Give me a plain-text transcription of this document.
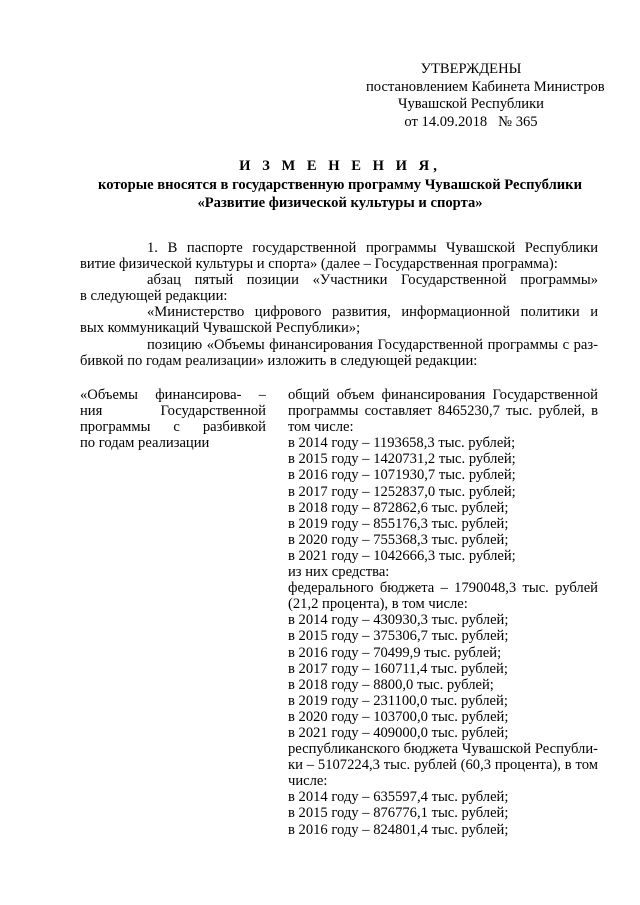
УТВЕРЖДЕНЫ
постановлением Кабинета Министров
Чувашской Республики
от 14.09.2018   № 365
И З М Е Н Е Н И Я,
которые вносятся в государственную программу Чувашской Республики
«Развитие физической культуры и спорта»
1. В паспорте государственной программы Чувашской Республики
витие физической культуры и спорта» (далее – Государственная программа):
абзац пятый позиции «Участники Государственной программы»
в следующей редакции:
«Министерство цифрового развития, информационной политики и
вых коммуникаций Чувашской Республики»;
позицию «Объемы финансирования Государственной программы с раз-
бивкой по годам реализации» изложить в следующей редакции:
«Объемы финансирова- –
ния Государственной
программы с разбивкой
по годам реализации
общий объем финансирования Государственной
программы составляет 8465230,7 тыс. рублей, в
том числе:
в 2014 году – 1193658,3 тыс. рублей;
в 2015 году – 1420731,2 тыс. рублей;
в 2016 году – 1071930,7 тыс. рублей;
в 2017 году – 1252837,0 тыс. рублей;
в 2018 году – 872862,6 тыс. рублей;
в 2019 году – 855176,3 тыс. рублей;
в 2020 году – 755368,3 тыс. рублей;
в 2021 году – 1042666,3 тыс. рублей;
из них средства:
федерального бюджета – 1790048,3 тыс. рублей
(21,2 процента), в том числе:
в 2014 году – 430930,3 тыс. рублей;
в 2015 году – 375306,7 тыс. рублей;
в 2016 году – 70499,9 тыс. рублей;
в 2017 году – 160711,4 тыс. рублей;
в 2018 году – 8800,0 тыс. рублей;
в 2019 году – 231100,0 тыс. рублей;
в 2020 году – 103700,0 тыс. рублей;
в 2021 году – 409000,0 тыс. рублей;
республиканского бюджета Чувашской Республи-
ки – 5107224,3 тыс. рублей (60,3 процента), в том
числе:
в 2014 году – 635597,4 тыс. рублей;
в 2015 году – 876776,1 тыс. рублей;
в 2016 году – 824801,4 тыс. рублей;
